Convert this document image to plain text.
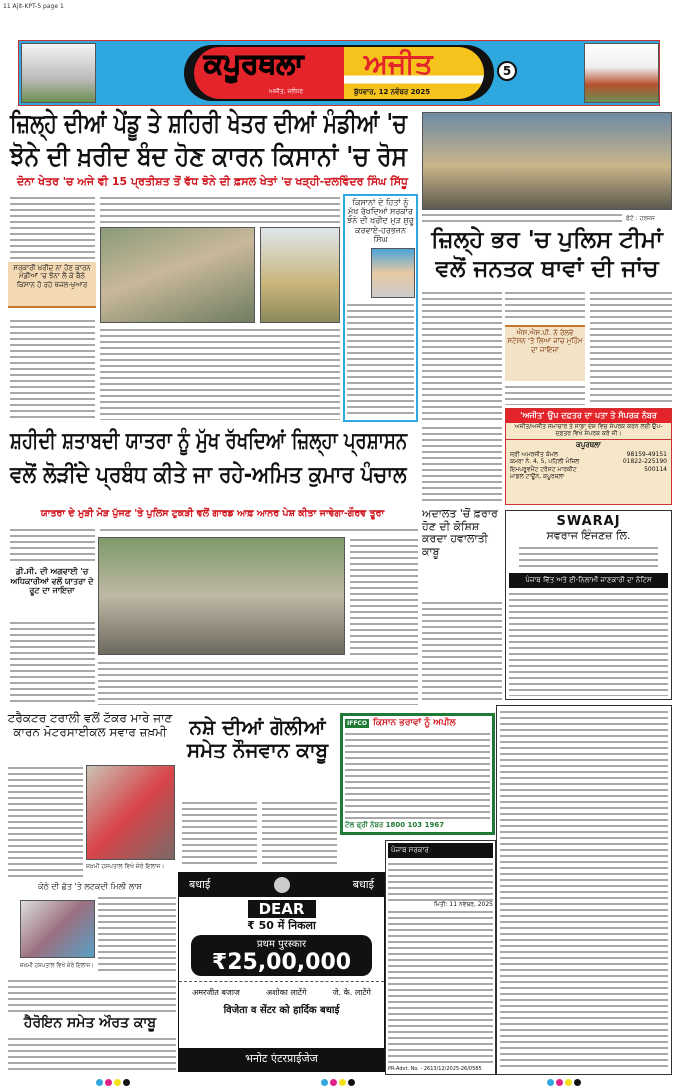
11 Ajit-KPT-5 page 1
ਕਪੂਰਥਲਾ	ਅਜੀਤ
ਅਜੀਤ, ਜਲੰਧਰ	ਬੁੱਧਵਾਰ, 12 ਨਵੰਬਰ 2025
5
ਜ਼ਿਲ੍ਹੇ ਦੀਆਂ ਪੇਂਡੂ ਤੇ ਸ਼ਹਿਰੀ ਖੇਤਰ ਦੀਆਂ ਮੰਡੀਆਂ 'ਚ
ਝੋਨੇ ਦੀ ਖ਼ਰੀਦ ਬੰਦ ਹੋਣ ਕਾਰਨ ਕਿਸਾਨਾਂ 'ਚ ਰੋਸ
ਦੋਨਾ ਖੇਤਰ 'ਚ ਅਜੇ ਵੀ 15 ਪ੍ਰਤੀਸ਼ਤ ਤੋਂ ਵੱਧ ਝੋਨੇ ਦੀ ਫ਼ਸਲ ਖੇਤਾਂ 'ਚ ਖੜ੍ਹੀ-ਦਲਵਿੰਦਰ ਸਿੰਘ ਸਿੱਧੂ
ਸਰਕਾਰੀ ਖ਼ਰੀਦ ਨਾ ਹੋਣ ਕਾਰਨ ਮੰਡੀਆਂ 'ਚ ਝੋਨਾ ਲੈ ਕੇ ਬੈਠੇ ਕਿਸਾਨ ਹੋ ਰਹੇ ਖੱਜਲ-ਖੁਆਰ
ਕਿਸਾਨਾਂ ਦੇ ਹਿਤਾਂ ਨੂੰ ਮੁੱਖ ਰੱਖਦਿਆਂ ਸਰਕਾਰ ਝੋਨੇ ਦੀ ਖ਼ਰੀਦ ਮੁੜ ਸ਼ੁਰੂ ਕਰਵਾਏ-ਹਰਭਜਨ ਸਿੰਘ
ਫੋਟੋ : ਹਰਜਸ
ਜ਼ਿਲ੍ਹੇ ਭਰ 'ਚ ਪੁਲਿਸ ਟੀਮਾਂ
ਵਲੋਂ ਜਨਤਕ ਥਾਵਾਂ ਦੀ ਜਾਂਚ
ਐਸ.ਐਸ.ਪੀ. ਨੇ ਰੇਲਵੇ ਸਟੇਸ਼ਨ 'ਤੇ ਲਿਆ ਜਾਂਚ ਮੁਹਿੰਮ ਦਾ ਜਾਇਜ਼ਾ
'ਅਜੀਤ' ਉਪ ਦਫ਼ਤਰ ਦਾ ਪਤਾ ਤੇ ਸੰਪਰਕ ਨੰਬਰ
ਅਜੀਤ/ਅਜੀਤ ਸਮਾਚਾਰ ਤੇ ਸਾਡਾ ਦੇਸ਼ ਵਿਚ ਸੰਪਰਕ ਕਰਨ ਲਈ ਉਪ-ਦਫ਼ਤਰ ਵਿਖੇ ਸੰਪਰਕ ਕਰੋ ਜੀ।
ਕਪੂਰਥਲਾ
ਸ੍ਰੀ ਅਮਰਜੀਤ ਕੋਮਲ	98159-49151
ਕਮਰਾ ਨੰ. 4, 5, ਪਹਿਲੀ ਮੰਜ਼ਿਲ	01822-225190
ਇਮਪਰੂਵਮੈਂਟ ਟਰੱਸਟ ਮਾਰਕੀਟ	500114
ਮਾਡਲ ਟਾਊਨ, ਕਪੂਰਥਲਾ
ਸ਼ਹੀਦੀ ਸ਼ਤਾਬਦੀ ਯਾਤਰਾ ਨੂੰ ਮੁੱਖ ਰੱਖਦਿਆਂ ਜ਼ਿਲ੍ਹਾ ਪ੍ਰਸ਼ਾਸਨ
ਵਲੋਂ ਲੋੜੀਂਦੇ ਪ੍ਰਬੰਧ ਕੀਤੇ ਜਾ ਰਹੇ-ਅਮਿਤ ਕੁਮਾਰ ਪੰਚਾਲ
ਯਾਤਰਾ ਦੇ ਮੁੜੀ ਮੋੜ ਪੁੱਜਣ 'ਤੇ ਪੁਲਿਸ ਟੁਕੜੀ ਵਲੋਂ ਗਾਰਡ ਆਫ਼ ਆਨਰ ਪੇਸ਼ ਕੀਤਾ ਜਾਵੇਗਾ-ਗੌਰਵ ਤੂਰਾ
ਡੀ.ਸੀ. ਦੀ ਅਗਵਾਈ 'ਚ ਅਧਿਕਾਰੀਆਂ ਵਲੋਂ ਯਾਤਰਾ ਦੇ ਰੂਟ ਦਾ ਜਾਇਜ਼ਾ
ਅਦਾਲਤ 'ਚੋਂ ਫ਼ਰਾਰ ਹੋਣ ਦੀ ਕੋਸ਼ਿਸ਼ ਕਰਦਾ ਹਵਾਲਾਤੀ ਕਾਬੂ
SWARAJ
ਸਵਰਾਜ ਇੰਜਣਜ਼ ਲਿ.
ਪੰਜਾਬ ਵਿੱਤ ਅਤੇ ਈ-ਨਿਲਾਮੀ ਜਾਣਕਾਰੀ ਦਾ ਨੋਟਿਸ
ਟਰੈਕਟਰ ਟਰਾਲੀ ਵਲੋਂ ਟੱਕਰ ਮਾਰੇ ਜਾਣ ਕਾਰਨ ਮੋਟਰਸਾਈਕਲ ਸਵਾਰ ਜ਼ਖ਼ਮੀ
ਜ਼ਖ਼ਮੀ ਹਸਪਤਾਲ ਵਿਖੇ ਜ਼ੇਰੇ ਇਲਾਜ।
ਨਸ਼ੇ ਦੀਆਂ ਗੋਲੀਆਂ ਸਮੇਤ ਨੌਜਵਾਨ ਕਾਬੂ
IFFCO ਕਿਸਾਨ ਭਰਾਵਾਂ ਨੂੰ ਅਪੀਲ
ਟੋਲ ਫ੍ਰੀ ਨੰਬਰ 1800 103 1967
ਕੋਠੇ ਦੀ ਛੱਤ 'ਤੇ ਲਟਕਦੀ ਮਿਲੀ ਲਾਸ਼
ਜ਼ਖ਼ਮੀ ਹਸਪਤਾਲ ਵਿਖੇ ਜ਼ੇਰੇ ਇਲਾਜ।
ਹੈਰੋਇਨ ਸਮੇਤ ਔਰਤ ਕਾਬੂ
बधाई	बधाई
DEAR
₹ 50 में निकला
प्रथम पुरस्कार
₹25,00,000
अमरजीत बजाज	अशोका लाटेंगे	जे. के. लाटेंगे
विजेता व सेंटर को हार्दिक बधाई
भनोट एंटरप्राईजेज
ਪੰਜਾਬ ਸਰਕਾਰ
ਮਿਤੀ: 11 ਨਵੰਬਰ, 2025
PR-Advt. No. - 2613/12/2025-26/0585
